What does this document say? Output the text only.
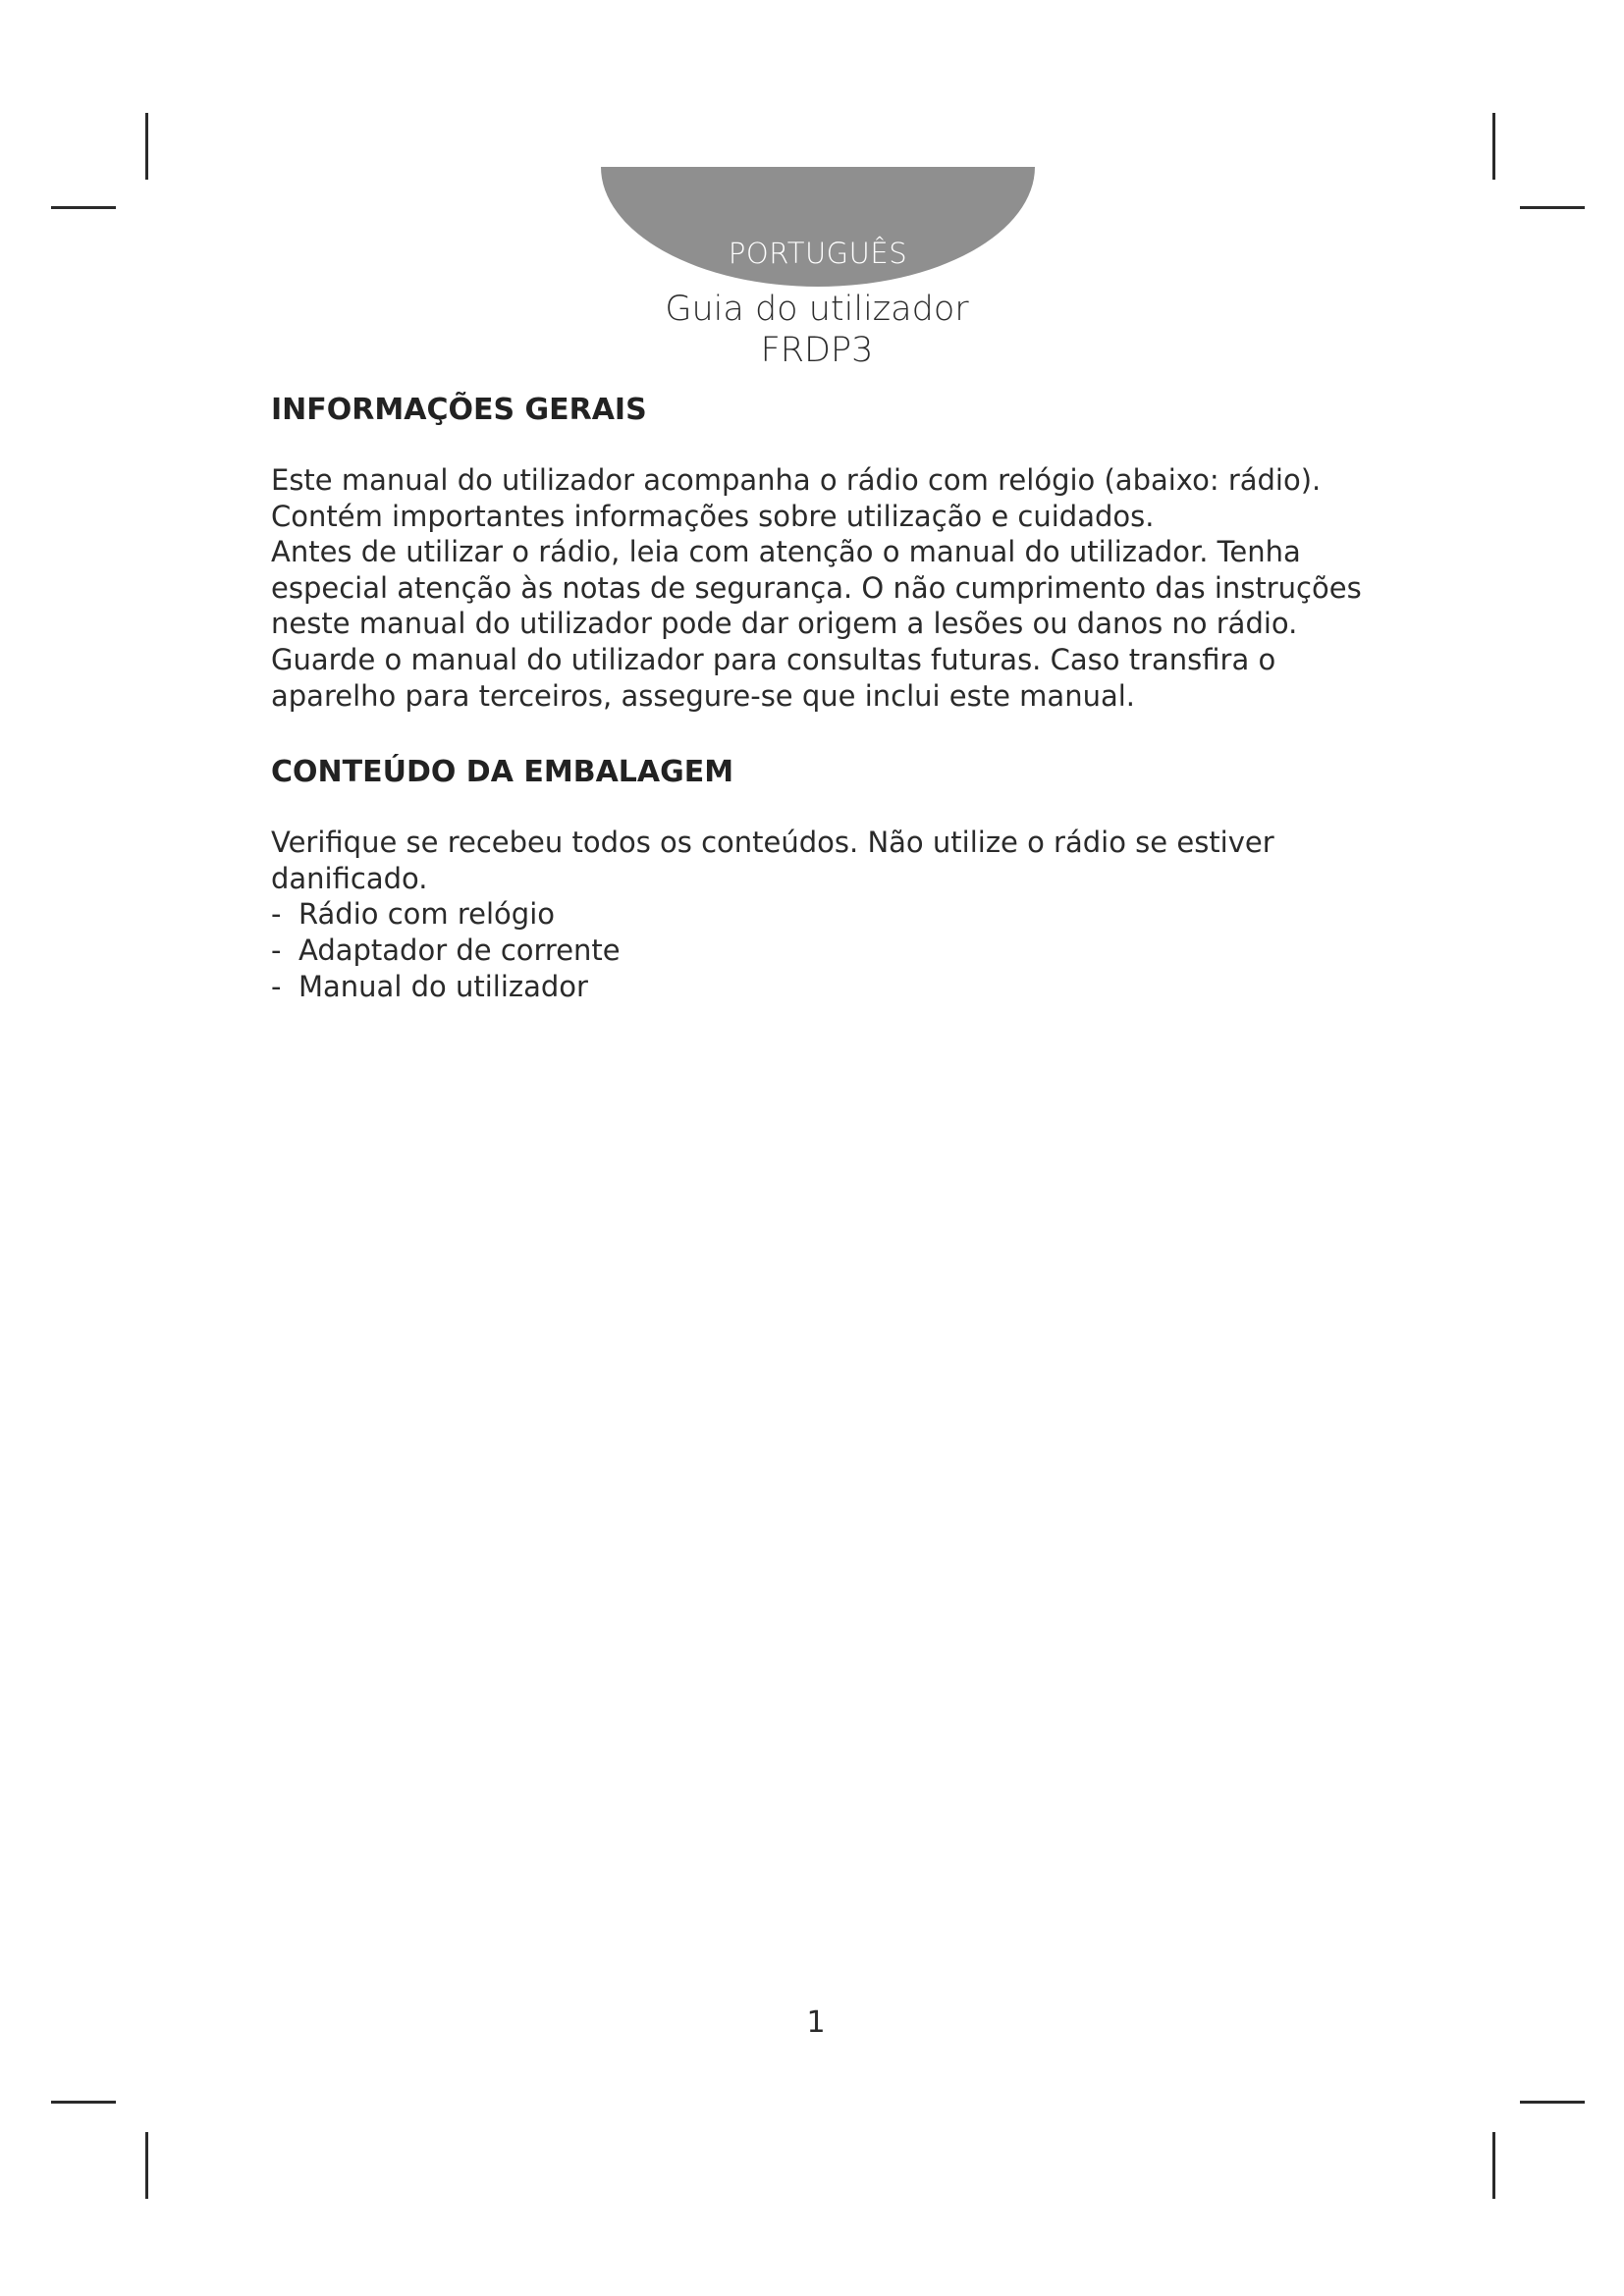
PORTUGUÊS
Guia do utilizador
FRDP3
INFORMAÇÕES GERAIS

Este manual do utilizador acompanha o rádio com relógio (abaixo: rádio).
Contém importantes informações sobre utilização e cuidados.
Antes de utilizar o rádio, leia com atenção o manual do utilizador. Tenha
especial atenção às notas de segurança. O não cumprimento das instruções
neste manual do utilizador pode dar origem a lesões ou danos no rádio.
Guarde o manual do utilizador para consultas futuras. Caso transfira o
aparelho para terceiros, assegure-se que inclui este manual.

CONTEÚDO DA EMBALAGEM

Verifique se recebeu todos os conteúdos. Não utilize o rádio se estiver
danificado.

- Rádio com relógio
- Adaptador de corrente
- Manual do utilizador
1
